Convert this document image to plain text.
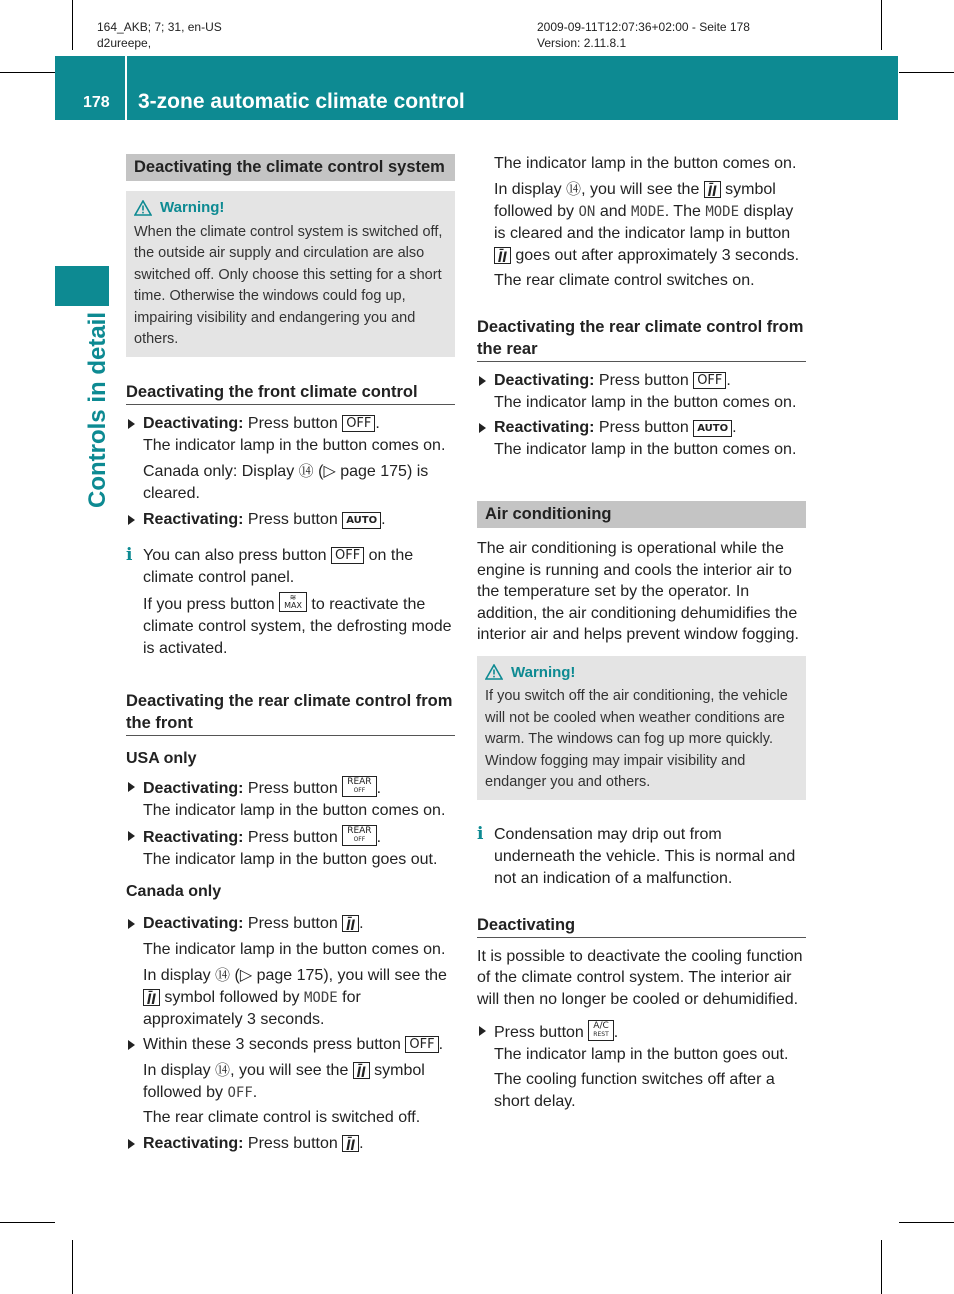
164_AKB; 7; 31, en-US
d2ureepe,
2009-09-11T12:07:36+02:00 - Seite 178
Version: 2.11.8.1
178 3-zone automatic climate control
Controls in detail
Deactivating the climate control system
Warning!
When the climate control system is switched off, the outside air supply and circulation are also switched off. Only choose this setting for a short time. Otherwise the windows could fog up, impairing visibility and endangering you and others.
Deactivating the front climate control
Deactivating: Press button OFF .

The indicator lamp in the button comes on.

Canada only: Display ⑭ (▷ page 175) is cleared.

Reactivating: Press button AUTO .
i You can also press button OFF on the climate control panel.

If you press button ≋
MAX to reactivate the climate control system, the defrosting mode is activated.

Deactivating the rear climate control from the front
USA only
Deactivating: Press button REAR
OFF .

The indicator lamp in the button comes on.

Reactivating: Press button REAR
OFF .

The indicator lamp in the button goes out.

Canada only
Deactivating: Press button ꞁ̄ꞁ .

The indicator lamp in the button comes on.

In display ⑭ (▷ page 175), you will see the ꞁ̄ꞁ symbol followed by MODE for approximately 3 seconds.

Within these 3 seconds press button OFF .

In display ⑭, you will see the ꞁ̄ꞁ symbol followed by OFF.

The rear climate control is switched off.

Reactivating: Press button ꞁ̄ꞁ .

The indicator lamp in the button comes on.

In display ⑭, you will see the ꞁ̄ꞁ symbol followed by ON and MODE. The MODE display is cleared and the indicator lamp in button ꞁ̄ꞁ goes out after approximately 3 seconds.

The rear climate control switches on.

Deactivating the rear climate control from the rear
Deactivating: Press button OFF .

The indicator lamp in the button comes on.

Reactivating: Press button AUTO .

The indicator lamp in the button comes on.

Air conditioning

The air conditioning is operational while the engine is running and cools the interior air to the temperature set by the operator. In addition, the air conditioning dehumidifies the interior air and helps prevent window fogging.

Warning!
If you switch off the air conditioning, the vehicle will not be cooled when weather conditions are warm. The windows can fog up more quickly. Window fogging may impair visibility and endanger you and others.
i Condensation may drip out from underneath the vehicle. This is normal and not an indication of a malfunction.
Deactivating

It is possible to deactivate the cooling function of the climate control system. The interior air will then no longer be cooled or dehumidified.

Press button A/C
REST .

The indicator lamp in the button goes out.

The cooling function switches off after a short delay.
